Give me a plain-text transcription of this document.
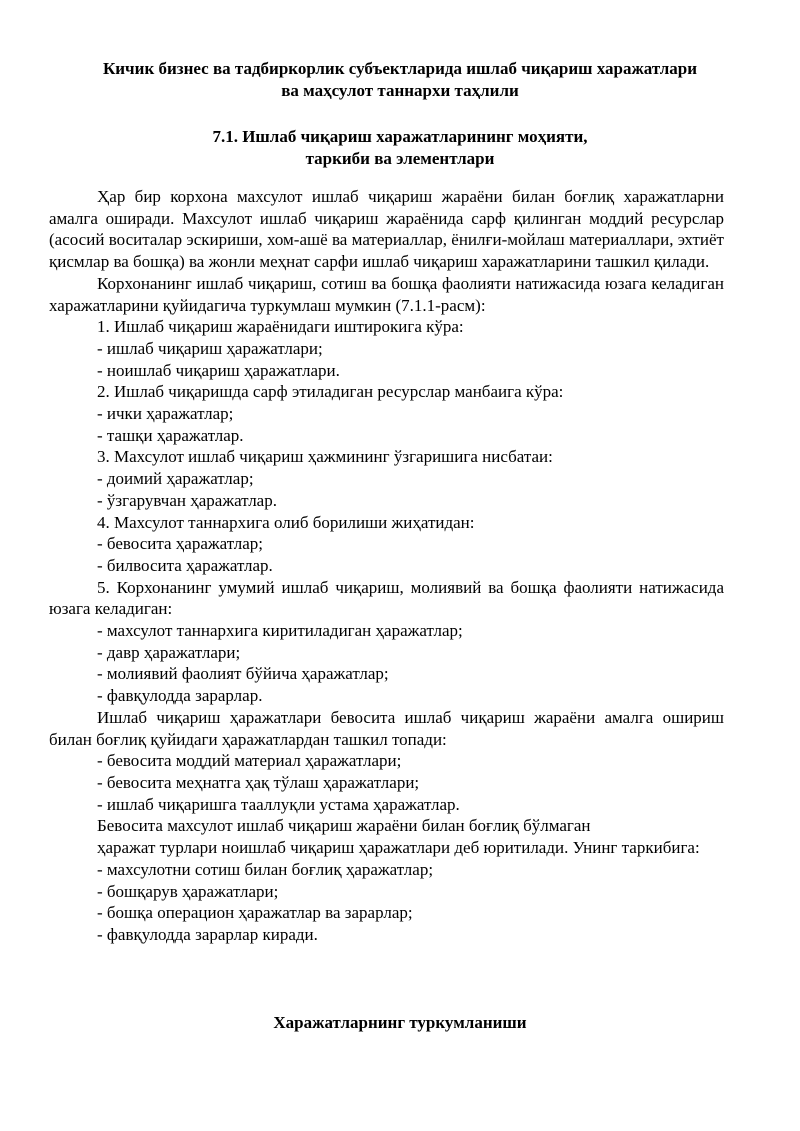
Кичик бизнес ва тадбиркорлик субъектларида ишлаб чиқариш харажатлари
ва маҳсулот таннархи таҳлили
7.1. Ишлаб чиқариш харажатларининг моҳияти,
таркиби ва элементлари

Ҳар бир корхона махсулот ишлаб чиқариш жараёни билан боғлиқ харажатларни амалга оширади. Махсулот ишлаб чиқариш жараёнида сарф қилинган моддий ресурслар (асосий воситалар эскириши, хом-ашё ва материаллар, ёнилғи-мойлаш материаллари, эхтиёт қисмлар ва бошқа) ва жонли меҳнат сарфи ишлаб чиқариш харажатларини ташкил қилади.

Корхонанинг ишлаб чиқариш, сотиш ва бошқа фаолияти натижасида юзага келадиган харажатларини қуйидагича туркумлаш мумкин (7.1.1-расм):

1. Ишлаб чиқариш жараёнидаги иштирокига кўра:

- ишлаб чиқариш ҳаражатлари;

- ноишлаб чиқариш ҳаражатлари.

2. Ишлаб чиқаришда сарф этиладиган ресурслар манбаига кўра:

- ички ҳаражатлар;

- ташқи ҳаражатлар.

3. Махсулот ишлаб чиқариш ҳажмининг ўзгаришига нисбатаи:

- доимий ҳаражатлар;

- ўзгарувчан ҳаражатлар.

4. Махсулот таннархига олиб борилиши жиҳатидан:

- бевосита ҳаражатлар;

- билвосита ҳаражатлар.

5. Корхонанинг умумий ишлаб чиқариш, молиявий ва бошқа фаолияти натижасида юзага келадиган:

- махсулот таннархига киритиладиган ҳаражатлар;

- давр ҳаражатлари;

- молиявий фаолият бўйича ҳаражатлар;

- фавқулодда зарарлар.

Ишлаб чиқариш ҳаражатлари бевосита ишлаб чиқариш жараёни амалга ошириш билан боғлиқ қуйидаги ҳаражатлардан ташкил топади:

- бевосита моддий материал ҳаражатлари;

- бевосита меҳнатга ҳақ тўлаш ҳаражатлари;

- ишлаб чиқаришга тааллуқли устама ҳаражатлар.

Бевосита махсулот ишлаб чиқариш жараёни билан боғлиқ бўлмаган

ҳаражат турлари ноишлаб чиқариш ҳаражатлари деб юритилади. Унинг таркибига:

- махсулотни сотиш билан боғлиқ ҳаражатлар;

- бошқарув ҳаражатлари;

- бошқа операцион ҳаражатлар ва зарарлар;

- фавқулодда зарарлар киради.

Харажатларнинг туркумланиши
